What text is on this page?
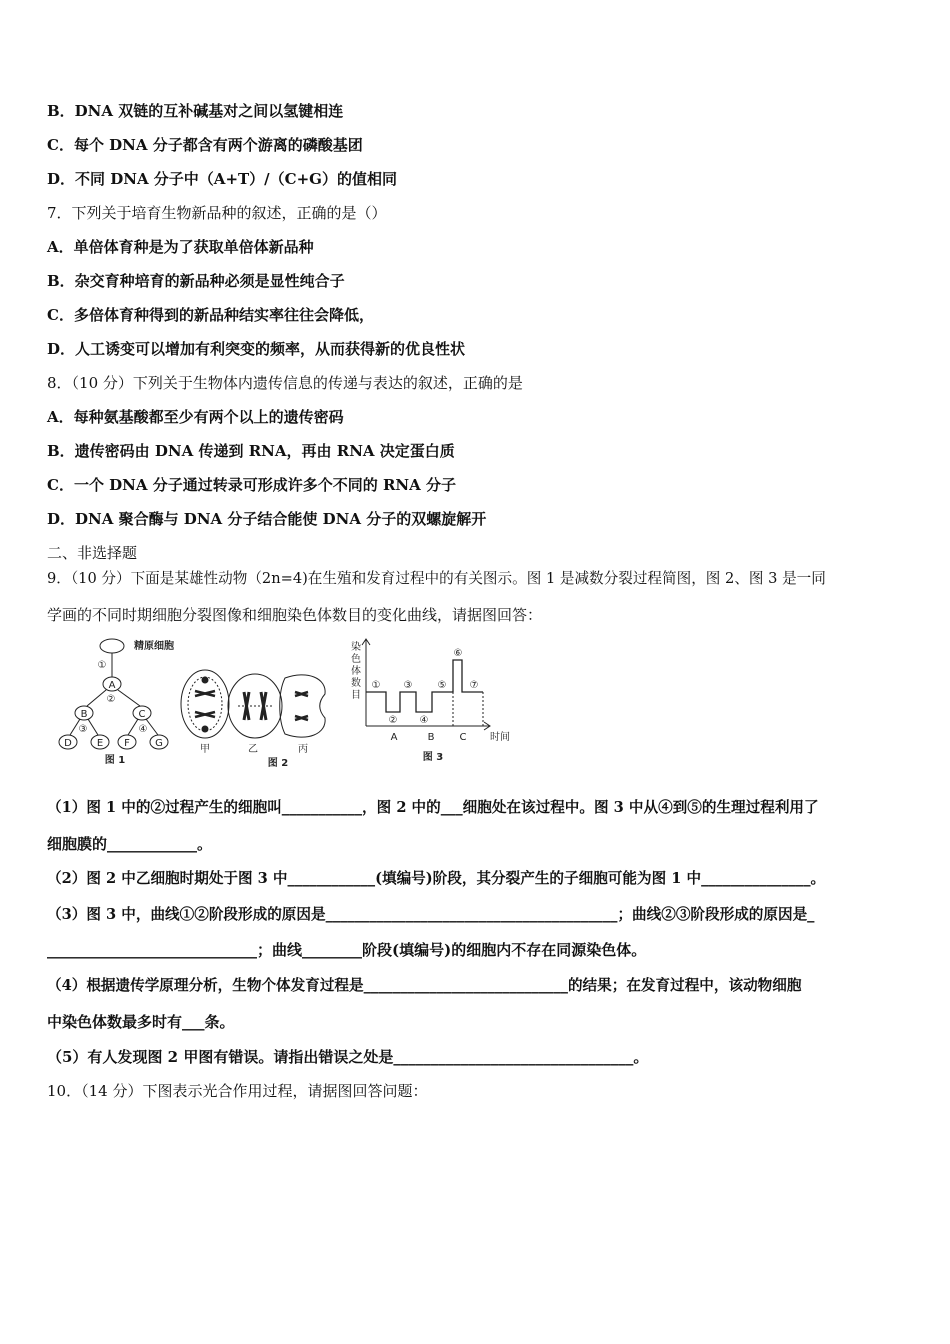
B．DNA 双链的互补碱基对之间以氢键相连
C．每个 DNA 分子都含有两个游离的磷酸基团
D．不同 DNA 分子中（A+T）/（C+G）的值相同
7．下列关于培育生物新品种的叙述，正确的是（）
A．单倍体育种是为了获取单倍体新品种
B．杂交育种培育的新品种必须是显性纯合子
C．多倍体育种得到的新品种结实率往往会降低，
D．人工诱变可以增加有利突变的频率，从而获得新的优良性状
8．（10 分）下列关于生物体内遗传信息的传递与表达的叙述，正确的是
A．每种氨基酸都至少有两个以上的遗传密码
B．遗传密码由 DNA 传递到 RNA，再由 RNA 决定蛋白质
C．一个 DNA 分子通过转录可形成许多个不同的 RNA 分子
D．DNA 聚合酶与 DNA 分子结合能使 DNA 分子的双螺旋解开
二、非选择题
9．（10 分）下面是某雄性动物（2n=4)在生殖和发育过程中的有关图示。图 1 是减数分裂过程简图，图 2、图 3 是一同
学画的不同时期细胞分裂图像和细胞染色体数目的变化曲线，请据图回答：
精原细胞
①
A
②
B	C
③	④
D E F	G
图 1
甲	乙	丙
图 2
染
色
体
数
目
①
②
③
④
⑤
⑥
⑦
A	B	C 时间
图 3
（1）图 1 中的②过程产生的细胞叫___________，图 2 中的___细胞处在该过程中。图 3 中从④到⑤的生理过程利用了
细胞膜的____________。
（2）图 2 中乙细胞时期处于图 3 中____________(填编号)阶段，其分裂产生的子细胞可能为图 1 中_______________。
（3）图 3 中，曲线①②阶段形成的原因是________________________________________；曲线②③阶段形成的原因是_
____________________________；曲线________阶段(填编号)的细胞内不存在同源染色体。
（4）根据遗传学原理分析，生物个体发育过程是____________________________的结果；在发育过程中，该动物细胞
中染色体数最多时有___条。
（5）有人发现图 2 甲图有错误。请指出错误之处是________________________________。
10．（14 分）下图表示光合作用过程，请据图回答问题：
